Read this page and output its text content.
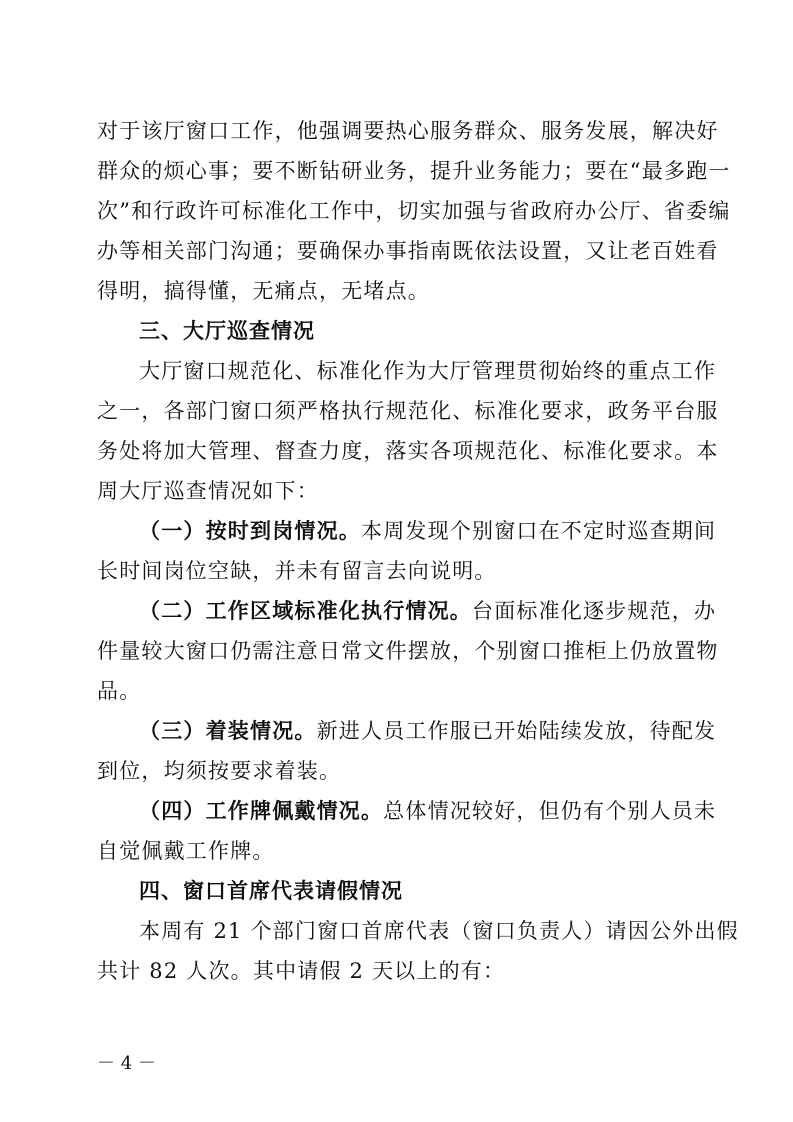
对于该厅窗口工作，他强调要热心服务群众、服务发展，解决好
群众的烦心事；要不断钻研业务，提升业务能力；要在“最多跑一
次”和行政许可标准化工作中，切实加强与省政府办公厅、省委编
办等相关部门沟通；要确保办事指南既依法设置，又让老百姓看
得明，搞得懂，无痛点，无堵点。
三、大厅巡查情况
大厅窗口规范化、标准化作为大厅管理贯彻始终的重点工作
之一，各部门窗口须严格执行规范化、标准化要求，政务平台服
务处将加大管理、督查力度，落实各项规范化、标准化要求。本
周大厅巡查情况如下：
（一）按时到岗情况。本周发现个别窗口在不定时巡查期间
长时间岗位空缺，并未有留言去向说明。
（二）工作区域标准化执行情况。台面标准化逐步规范，办
件量较大窗口仍需注意日常文件摆放，个别窗口推柜上仍放置物
品。
（三）着装情况。新进人员工作服已开始陆续发放，待配发
到位，均须按要求着装。
（四）工作牌佩戴情况。总体情况较好，但仍有个别人员未
自觉佩戴工作牌。
四、窗口首席代表请假情况
本周有 21 个部门窗口首席代表（窗口负责人）请因公外出假
共计 82 人次。其中请假 2 天以上的有：
－ 4 －
